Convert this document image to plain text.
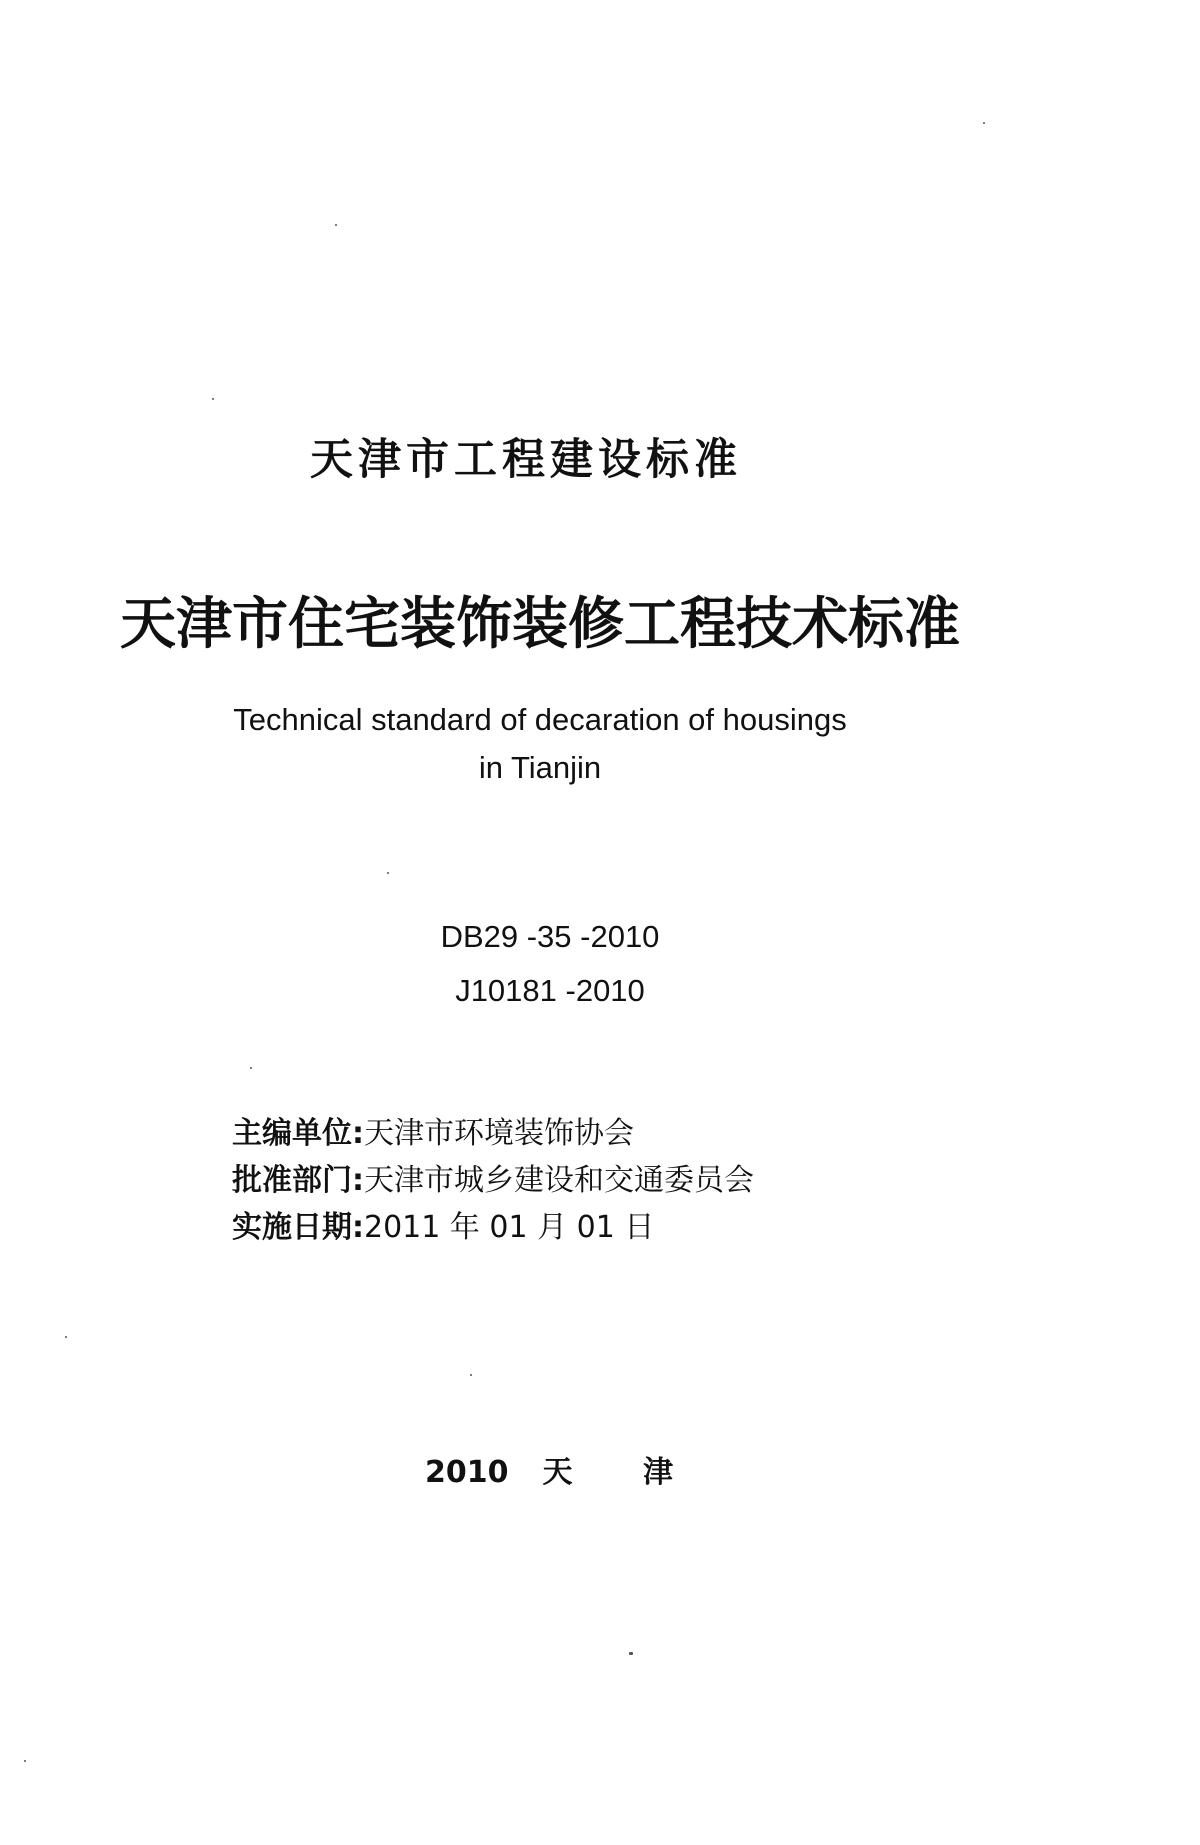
天津市工程建设标准
天津市住宅装饰装修工程技术标准
Technical standard of decaration of housings
in Tianjin
DB29 -35 -2010
J10181 -2010
主编单位:天津市环境装饰协会
批准部门:天津市城乡建设和交通委员会
实施日期:2011 年 01 月 01 日
2010 天 津
